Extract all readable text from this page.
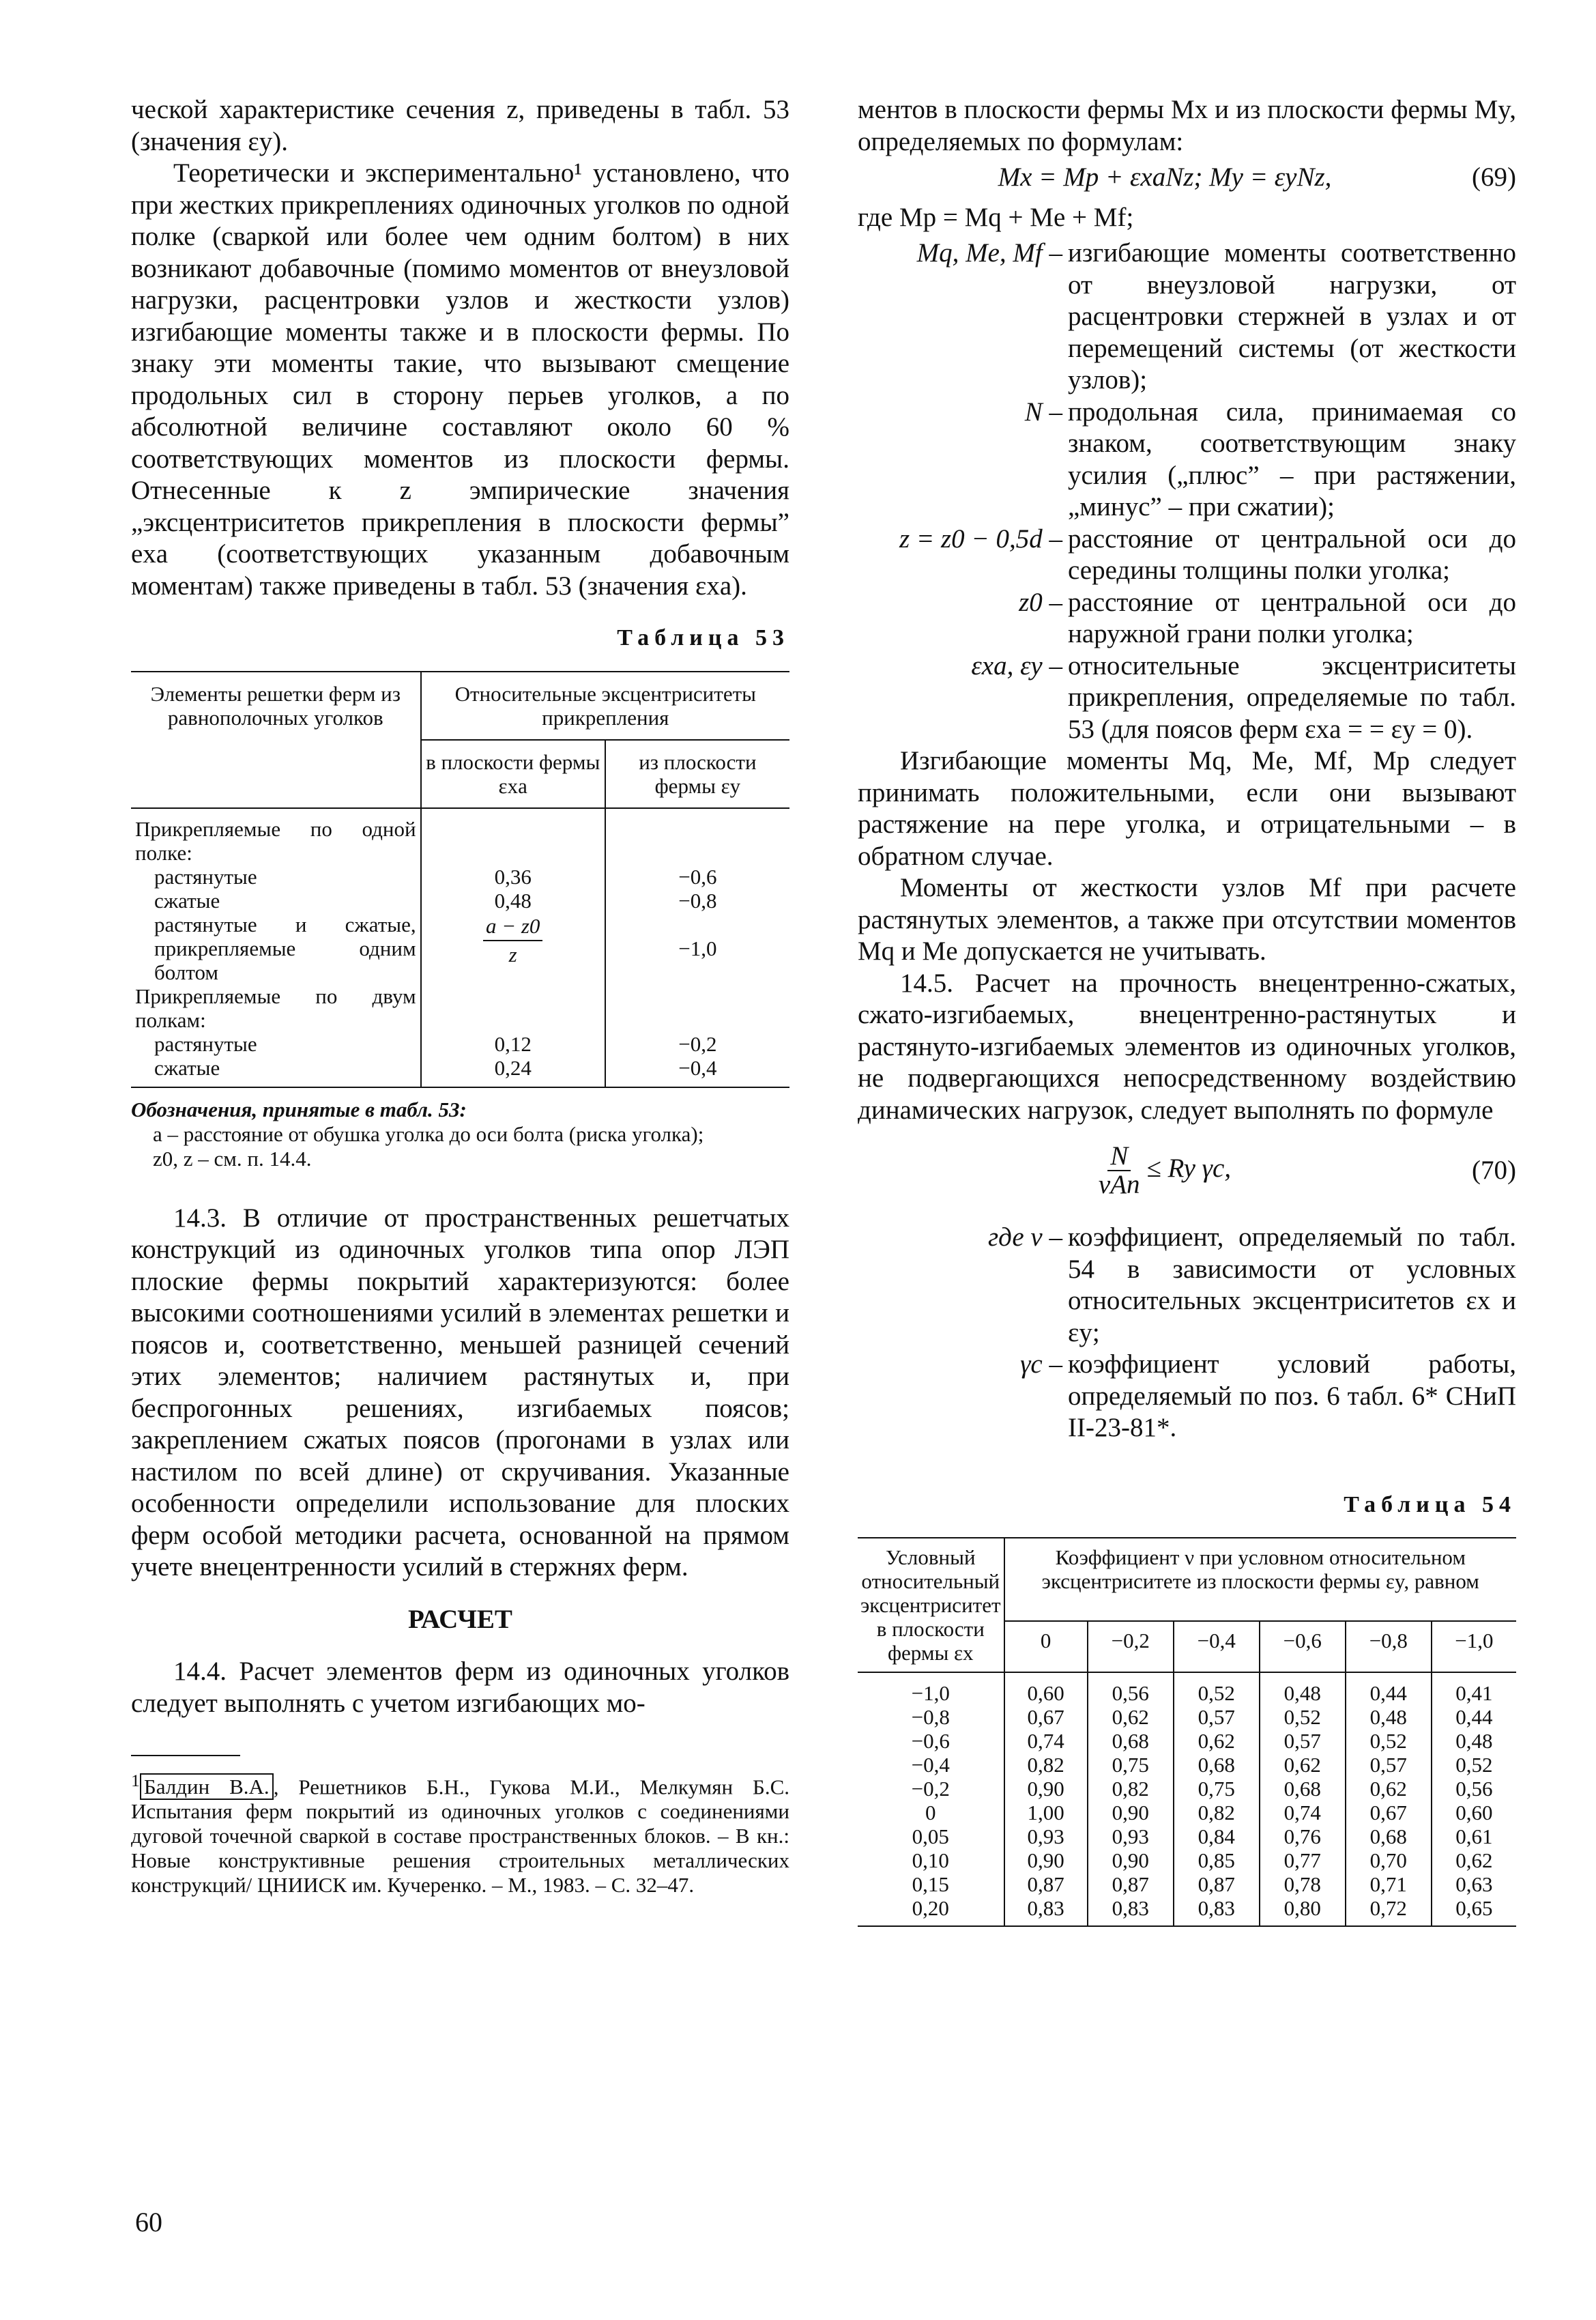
ческой характеристике сечения z, приведены в табл. 53 (значения εy).

Теоретически и экспериментально¹ установлено, что при жестких прикреплениях одиночных уголков по одной полке (сваркой или более чем одним болтом) в них возникают добавочные (помимо моментов от внеузловой нагрузки, расцентровки узлов и жесткости узлов) изгибающие моменты также и в плоскости фермы. По знаку эти моменты такие, что вызывают смещение продольных сил в сторону перьев уголков, а по абсолютной величине составляют около 60 % соответствующих моментов из плоскости фермы. Отнесенные к z эмпирические значения „эксцентриситетов прикрепления в плоскости фермы” exa (соответствующих указанным добавочным моментам) также приведены в табл. 53 (значения εxa).

Таблица 53
Элементы решетки ферм из равнополочных уголков	Относительные эксцентриситеты прикрепления	
	в плоскости фермы εxa	из плоскости фермы εy
Прикрепляемые по одной полке:		
растянутые	0,36	−0,6
сжатые	0,48	−0,8
растянутые и сжатые, прикрепляемые одним болтом	$\frac{a - z0}{z}$	−1,0
Прикрепляемые по двум полкам:		
растянутые	0,12	−0,2
сжатые	0,24	−0,4
Обозначения, принятые в табл. 53:
a – расстояние от обушка уголка до оси болта (риска уголка);
z0, z – см. п. 14.4.

14.3. В отличие от пространственных решетчатых конструкций из одиночных уголков типа опор ЛЭП плоские фермы покрытий характеризуются: более высокими соотношениями усилий в элементах решетки и поясов и, соответственно, меньшей разницей сечений этих элементов; наличием растянутых и, при беспрогонных решениях, изгибаемых поясов; закреплением сжатых поясов (прогонами в узлах или настилом по всей длине) от скручивания. Указанные особенности определили использование для плоских ферм особой методики расчета, основанной на прямом учете внецентренности усилий в стержнях ферм.

РАСЧЕТ

14.4. Расчет элементов ферм из одиночных уголков следует выполнять с учетом изгибающих мо-

$^1$ Балдин В.А. , Решетников Б.Н., Гукова М.И., Мелкумян Б.С. Испытания ферм покрытий из одиночных уголков с соединениями дуговой точечной сваркой в составе пространственных блоков. – В кн.: Новые конструктивные решения строительных металлических конструкций/ ЦНИИСК им. Кучеренко. – М., 1983. – С. 32–47.

ментов в плоскости фермы Mx и из плоскости фермы My, определяемых по формулам:

Mx = Mp + εxaNz; My = εyNz,	(69)

где Mp = Mq + Me + Mf;

Mq, Me, Mf – изгибающие моменты соответственно от внеузловой нагрузки, от расцентровки стержней в узлах и от перемещений системы (от жесткости узлов);
N – продольная сила, принимаемая со знаком, соответствующим знаку усилия („плюс” – при растяжении, „минус” – при сжатии);
z = z0 − 0,5d – расстояние от центральной оси до середины толщины полки уголка;
z0 – расстояние от центральной оси до наружной грани полки уголка;
εxa, εy – относительные эксцентриситеты прикрепления, определяемые по табл. 53 (для поясов ферм εxa = = εy = 0).

Изгибающие моменты Mq, Me, Mf, Mp следует принимать положительными, если они вызывают растяжение на пере уголка, и отрицательными – в обратном случае.

Моменты от жесткости узлов Mf при расчете растянутых элементов, а также при отсутствии моментов Mq и Me допускается не учитывать.

14.5. Расчет на прочность внецентренно-сжатых, сжато-изгибаемых, внецентренно-растянутых и растянуто-изгибаемых элементов из одиночных уголков, не подвергающихся непосредственному воздействию динамических нагрузок, следует выполнять по формуле

$\frac{N}{\text{νAn}} \le Ry$ γc,	(70)
где ν – коэффициент, определяемый по табл. 54 в зависимости от условных относительных эксцентриситетов εx и εy;
γc – коэффициент условий работы, определяемый по поз. 6 табл. 6* СНиП II-23-81*.
Таблица 54
Условный относительный эксцентриситет в плоскости фермы εx	Коэффициент ν при условном относительном эксцентриситете из плоскости фермы εy, равном					
	0	−0,2	−0,4	−0,6	−0,8	−1,0
−1,0	0,60	0,56	0,52	0,48	0,44	0,41
−0,8	0,67	0,62	0,57	0,52	0,48	0,44
−0,6	0,74	0,68	0,62	0,57	0,52	0,48
−0,4	0,82	0,75	0,68	0,62	0,57	0,52
−0,2	0,90	0,82	0,75	0,68	0,62	0,56
0	1,00	0,90	0,82	0,74	0,67	0,60
0,05	0,93	0,93	0,84	0,76	0,68	0,61
0,10	0,90	0,90	0,85	0,77	0,70	0,62
0,15	0,87	0,87	0,87	0,78	0,71	0,63
0,20	0,83	0,83	0,83	0,80	0,72	0,65
60
